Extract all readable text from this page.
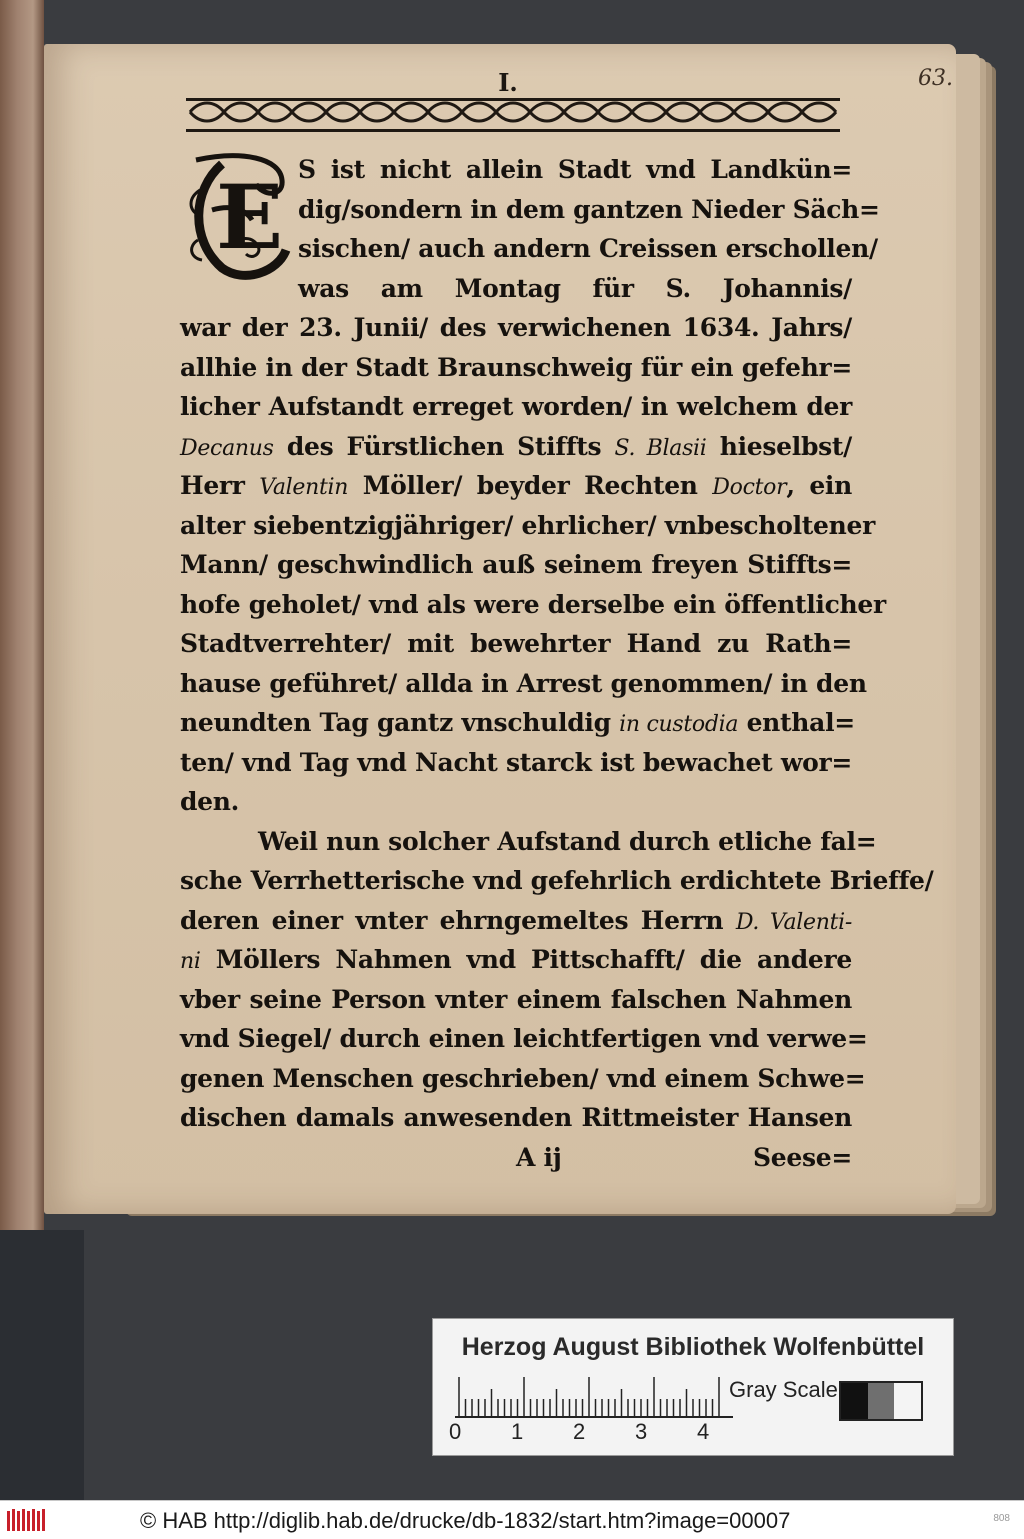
I.	63.
E S ist nicht allein Stadt vnd Landkün=
dig/sondern in dem gantzen Nieder Säch=
sischen/ auch andern Creissen erschollen/
was am Montag für S. Johannis/
war der 23. Junii/ des verwichenen 1634. Jahrs/
allhie in der Stadt Braunschweig für ein gefehr=
licher Aufstandt erreget worden/ in welchem der
Decanus des Fürstlichen Stiffts S. Blasii hieselbst/
Herr Valentin Möller/ beyder Rechten Doctor, ein
alter siebentzigjähriger/ ehrlicher/ vnbescholtener
Mann/ geschwindlich auß seinem freyen Stiffts=
hofe geholet/ vnd als were derselbe ein öffentlicher
Stadtverrehter/ mit bewehrter Hand zu Rath=
hause geführet/ allda in Arrest genommen/ in den
neundten Tag gantz vnschuldig in custodia enthal=
ten/ vnd Tag vnd Nacht starck ist bewachet wor=
den.
Weil nun solcher Aufstand durch etliche fal=
sche Verrhetterische vnd gefehrlich erdichtete Brieffe/
deren einer vnter ehrngemeltes Herrn D. Valenti-
ni Möllers Nahmen vnd Pittschafft/ die andere
vber seine Person vnter einem falschen Nahmen
vnd Siegel/ durch einen leichtfertigen vnd verwe=
genen Menschen geschrieben/ vnd einem Schwe=
dischen damals anwesenden Rittmeister Hansen
A ij	Seese=
Herzog August Bibliothek Wolfenbüttel
0 1 2 3 4
Gray Scale
© HAB http://diglib.hab.de/drucke/db-1832/start.htm?image=00007	808
